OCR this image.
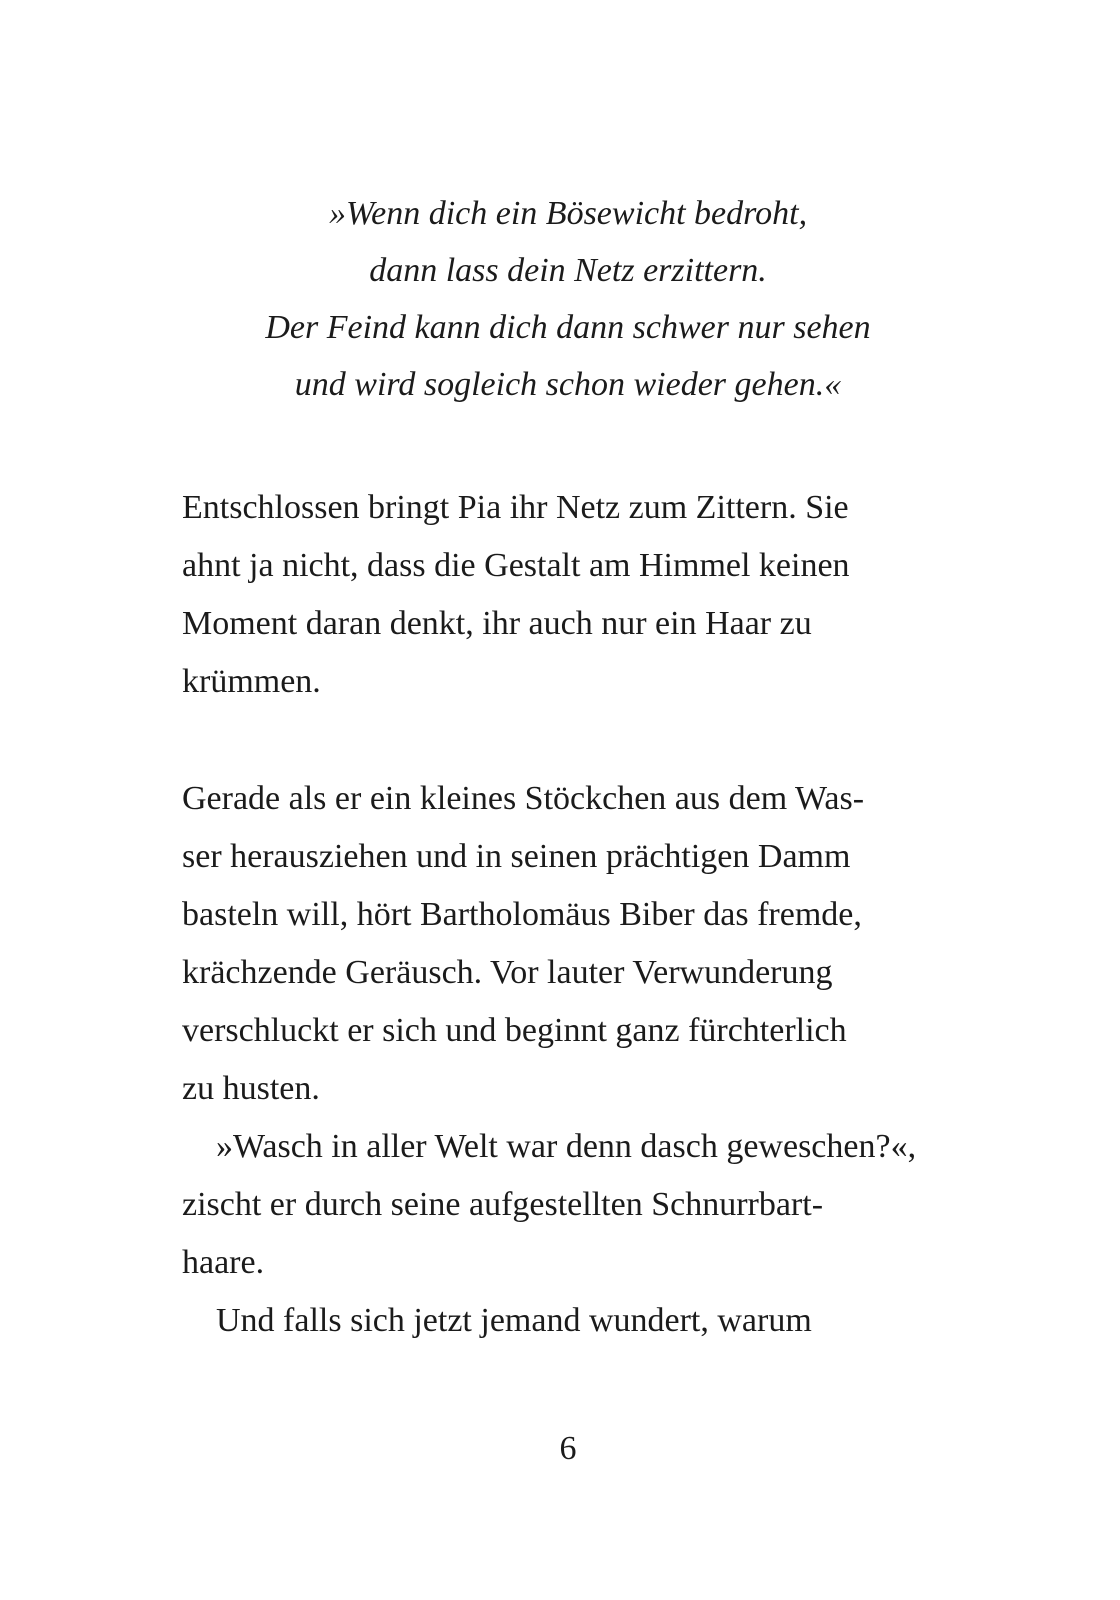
»Wenn dich ein Bösewicht bedroht,
dann lass dein Netz erzittern.
Der Feind kann dich dann schwer nur sehen
und wird sogleich schon wieder gehen.«
Entschlossen bringt Pia ihr Netz zum Zittern. Sie
ahnt ja nicht, dass die Gestalt am Himmel keinen
Moment daran denkt, ihr auch nur ein Haar zu
krümmen.
Gerade als er ein kleines Stöckchen aus dem Was-
ser herausziehen und in seinen prächtigen Damm
basteln will, hört Bartholomäus Biber das fremde,
krächzende Geräusch. Vor lauter Verwunderung
verschluckt er sich und beginnt ganz fürchterlich
zu husten.
»Wasch in aller Welt war denn dasch geweschen?«,
zischt er durch seine aufgestellten Schnurrbart-
haare.
Und falls sich jetzt jemand wundert, warum
6
